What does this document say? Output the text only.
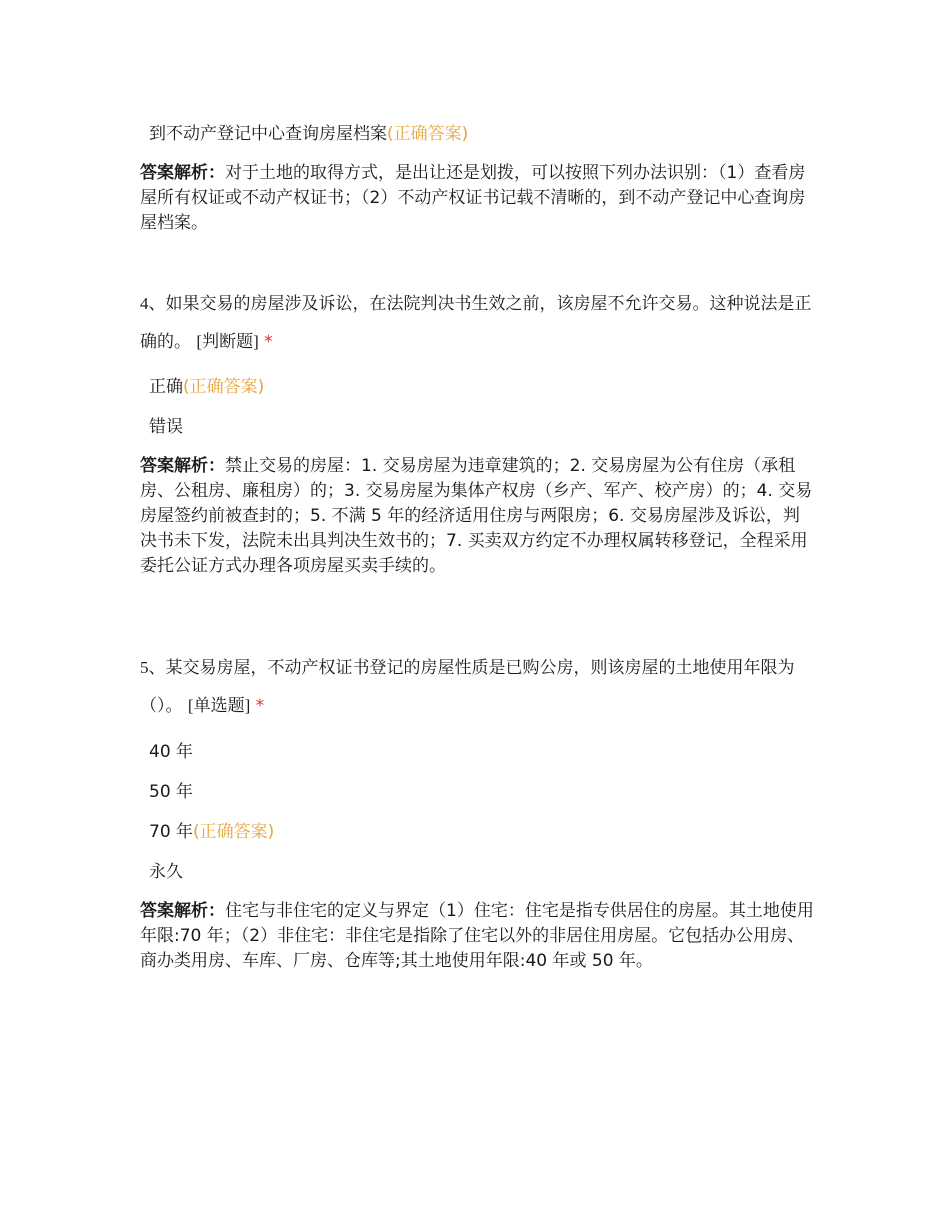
到不动产登记中心查询房屋档案(正确答案)
答案解析：对于土地的取得方式，是出让还是划拨，可以按照下列办法识别：（1）查看房屋所有权证或不动产权证书；（2）不动产权证书记载不清晰的，到不动产登记中心查询房屋档案。
4、如果交易的房屋涉及诉讼，在法院判决书生效之前，该房屋不允许交易。这种说法是正确的。 [判断题] *
正确(正确答案)
错误
答案解析：禁止交易的房屋：1. 交易房屋为违章建筑的；2. 交易房屋为公有住房（承租房、公租房、廉租房）的；3. 交易房屋为集体产权房（乡产、军产、校产房）的；4. 交易房屋签约前被查封的；5. 不满 5 年的经济适用住房与两限房；6. 交易房屋涉及诉讼，判决书未下发，法院未出具判决生效书的；7. 买卖双方约定不办理权属转移登记，全程采用委托公证方式办理各项房屋买卖手续的。
5、某交易房屋，不动产权证书登记的房屋性质是已购公房，则该房屋的土地使用年限为（）。 [单选题] *
40 年
50 年
70 年(正确答案)
永久
答案解析：住宅与非住宅的定义与界定（1）住宅：住宅是指专供居住的房屋。其土地使用年限:70 年；（2）非住宅：非住宅是指除了住宅以外的非居住用房屋。它包括办公用房、商办类用房、车库、厂房、仓库等;其土地使用年限:40 年或 50 年。
